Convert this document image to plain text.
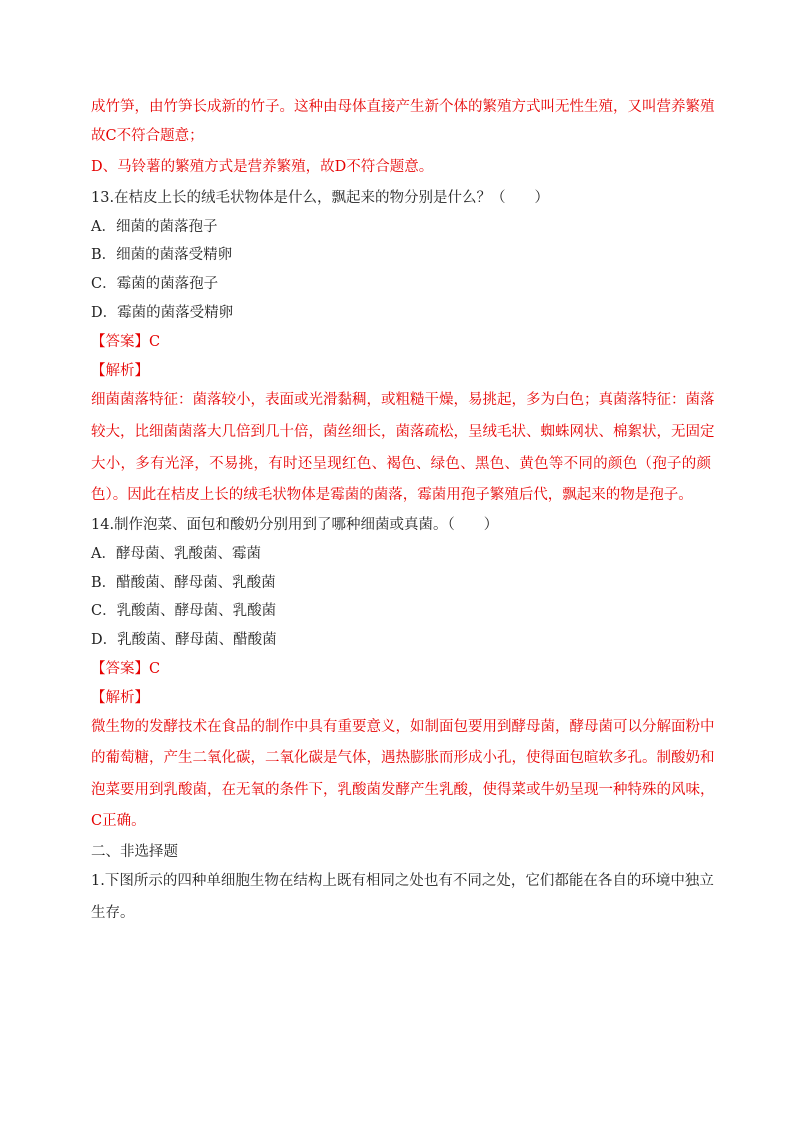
成竹笋，由竹笋长成新的竹子。这种由母体直接产生新个体的繁殖方式叫无性生殖，又叫营养繁殖
故C不符合题意；
D、马铃薯的繁殖方式是营养繁殖，故D不符合题意。
13.在桔皮上长的绒毛状物体是什么，飘起来的物分别是什么？（　　）
A．细菌的菌落孢子
B．细菌的菌落受精卵
C．霉菌的菌落孢子
D．霉菌的菌落受精卵
【答案】C
【解析】
细菌菌落特征：菌落较小，表面或光滑黏稠，或粗糙干燥，易挑起，多为白色；真菌落特征：菌落
较大，比细菌菌落大几倍到几十倍，菌丝细长，菌落疏松，呈绒毛状、蜘蛛网状、棉絮状，无固定
大小，多有光泽，不易挑，有时还呈现红色、褐色、绿色、黑色、黄色等不同的颜色（孢子的颜
色）。因此在桔皮上长的绒毛状物体是霉菌的菌落，霉菌用孢子繁殖后代，飘起来的物是孢子。
14.制作泡菜、面包和酸奶分别用到了哪种细菌或真菌。（　　）
A．酵母菌、乳酸菌、霉菌
B．醋酸菌、酵母菌、乳酸菌
C．乳酸菌、酵母菌、乳酸菌
D．乳酸菌、酵母菌、醋酸菌
【答案】C
【解析】
微生物的发酵技术在食品的制作中具有重要意义，如制面包要用到酵母菌，酵母菌可以分解面粉中
的葡萄糖，产生二氧化碳，二氧化碳是气体，遇热膨胀而形成小孔，使得面包暄软多孔。制酸奶和
泡菜要用到乳酸菌，在无氧的条件下，乳酸菌发酵产生乳酸，使得菜或牛奶呈现一种特殊的风味，
C正确。
二、非选择题
1.下图所示的四种单细胞生物在结构上既有相同之处也有不同之处，它们都能在各自的环境中独立
生存。
